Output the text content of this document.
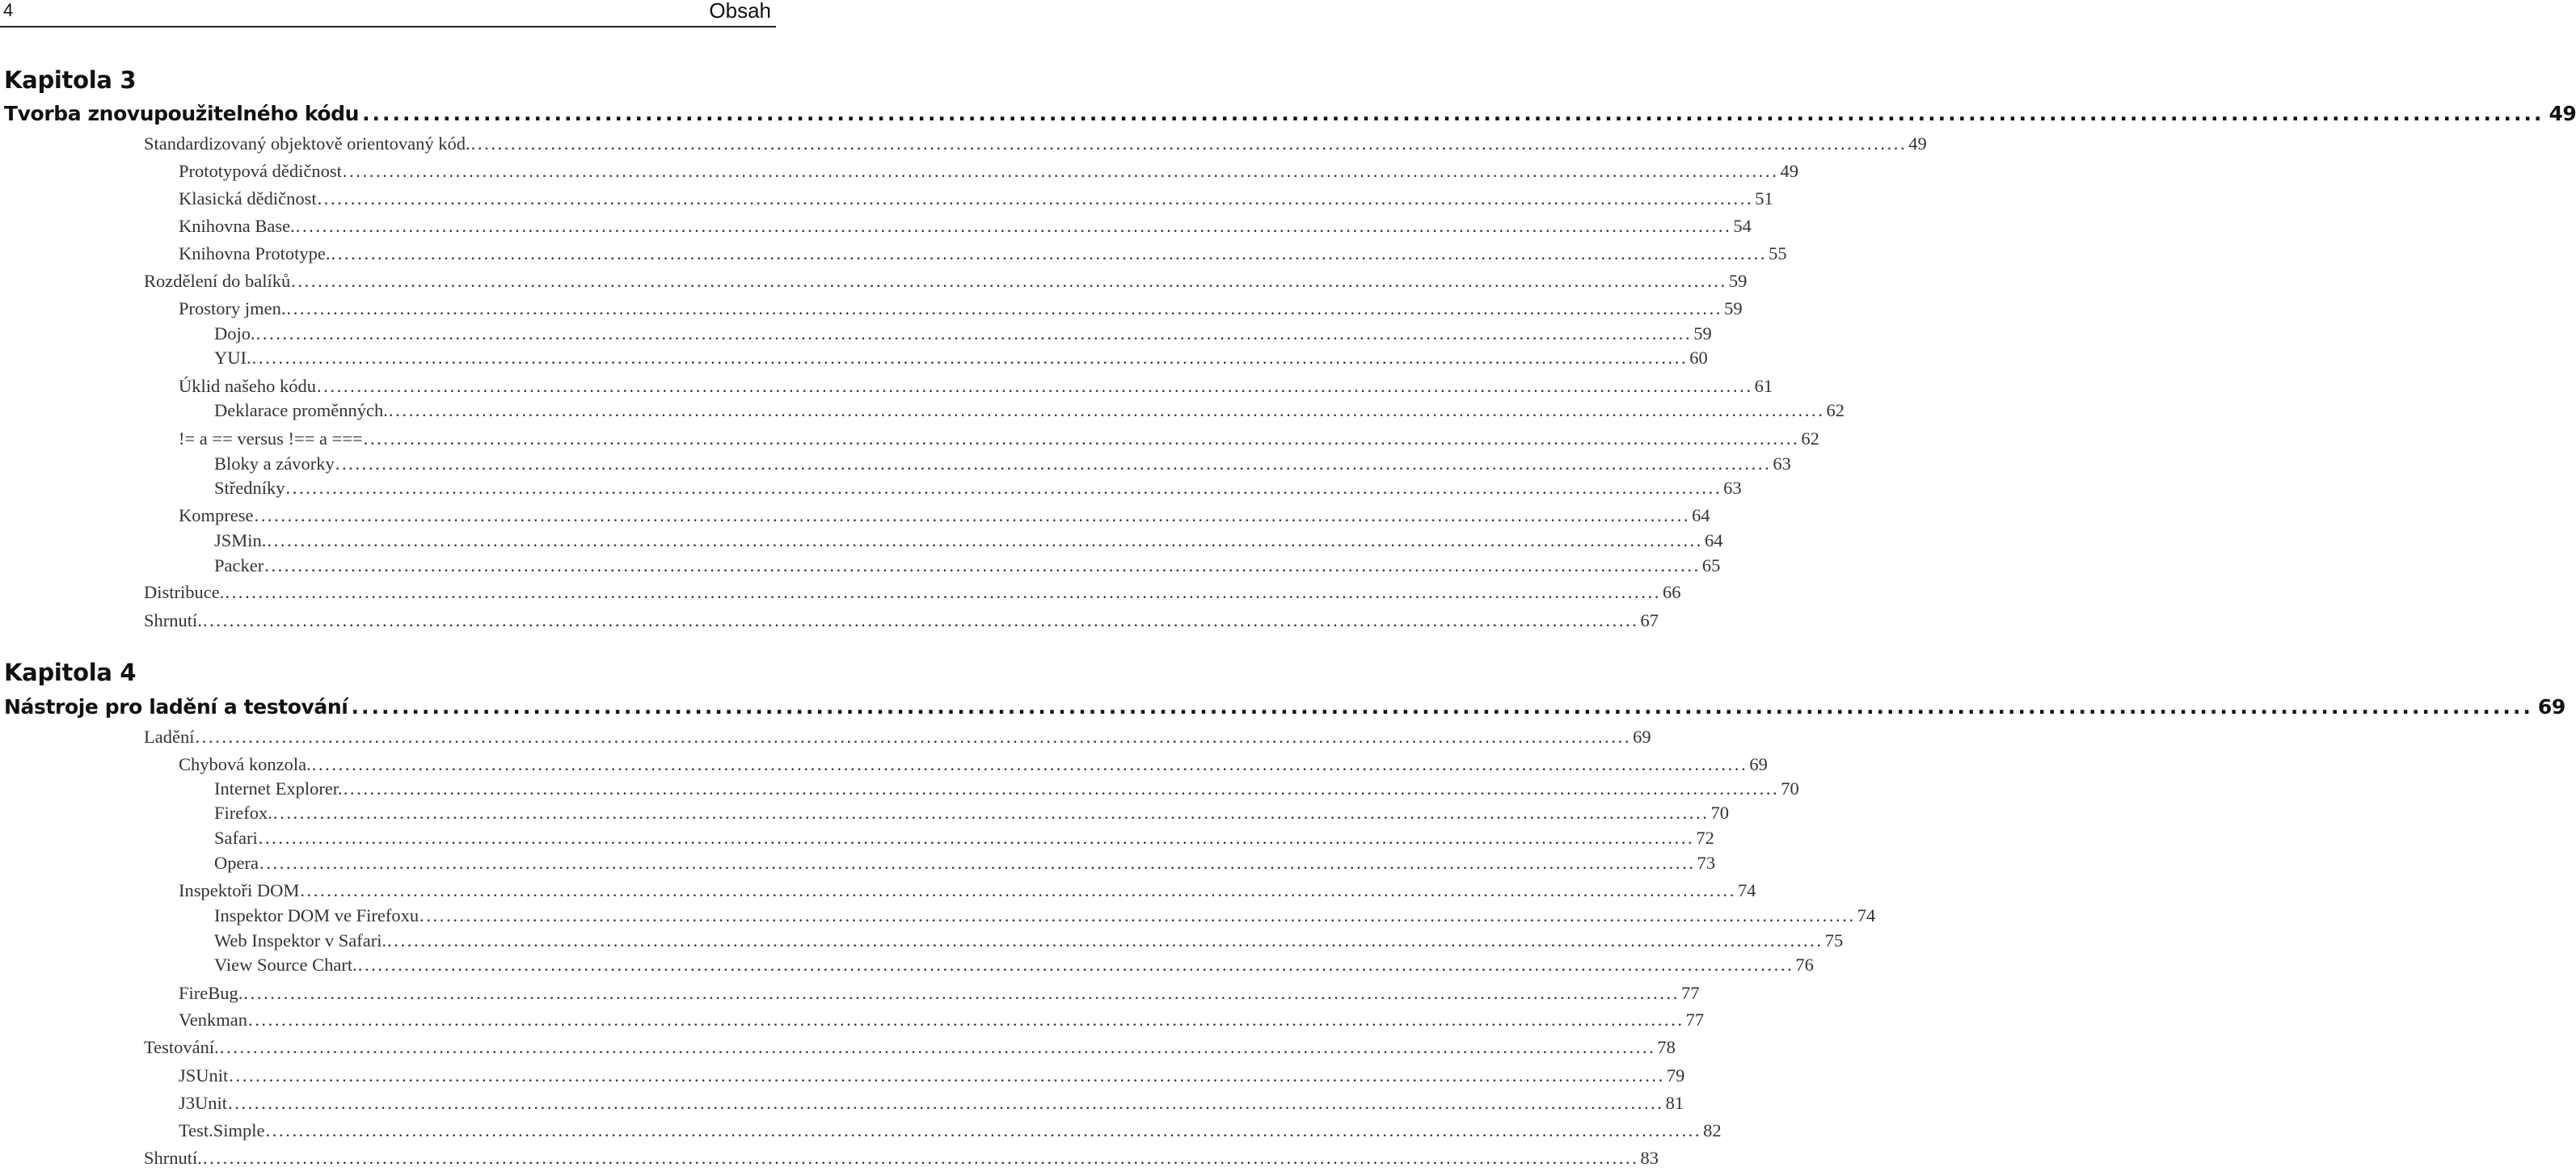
4	Obsah
Kapitola 3
Tvorba znovupoužitelného kódu ........................................................................................................................................................................................................................ 49
Standardizovaný objektově orientovaný kód. ........................................................................................................................................................................................................................ 49
Prototypová dědičnost ........................................................................................................................................................................................................................ 49
Klasická dědičnost ........................................................................................................................................................................................................................ 51
Knihovna Base. ........................................................................................................................................................................................................................ 54
Knihovna Prototype. ........................................................................................................................................................................................................................ 55
Rozdělení do balíků ........................................................................................................................................................................................................................ 59
Prostory jmen. ........................................................................................................................................................................................................................ 59
Dojo. ........................................................................................................................................................................................................................ 59
YUI. ........................................................................................................................................................................................................................ 60
Úklid našeho kódu ........................................................................................................................................................................................................................ 61
Deklarace proměnných. ........................................................................................................................................................................................................................ 62
!= a == versus !== a === ........................................................................................................................................................................................................................ 62
Bloky a závorky ........................................................................................................................................................................................................................ 63
Středníky ........................................................................................................................................................................................................................ 63
Komprese ........................................................................................................................................................................................................................ 64
JSMin. ........................................................................................................................................................................................................................ 64
Packer ........................................................................................................................................................................................................................ 65
Distribuce. ........................................................................................................................................................................................................................ 66
Shrnutí. ........................................................................................................................................................................................................................ 67
Kapitola 4
Nástroje pro ladění a testování ........................................................................................................................................................................................................................ 69
Ladění ........................................................................................................................................................................................................................ 69
Chybová konzola. ........................................................................................................................................................................................................................ 69
Internet Explorer. ........................................................................................................................................................................................................................ 70
Firefox. ........................................................................................................................................................................................................................ 70
Safari ........................................................................................................................................................................................................................ 72
Opera ........................................................................................................................................................................................................................ 73
Inspektoři DOM ........................................................................................................................................................................................................................ 74
Inspektor DOM ve Firefoxu ........................................................................................................................................................................................................................ 74
Web Inspektor v Safari. ........................................................................................................................................................................................................................ 75
View Source Chart. ........................................................................................................................................................................................................................ 76
FireBug. ........................................................................................................................................................................................................................ 77
Venkman ........................................................................................................................................................................................................................ 77
Testování. ........................................................................................................................................................................................................................ 78
JSUnit ........................................................................................................................................................................................................................ 79
J3Unit ........................................................................................................................................................................................................................ 81
Test.Simple ........................................................................................................................................................................................................................ 82
Shrnutí. ........................................................................................................................................................................................................................ 83
